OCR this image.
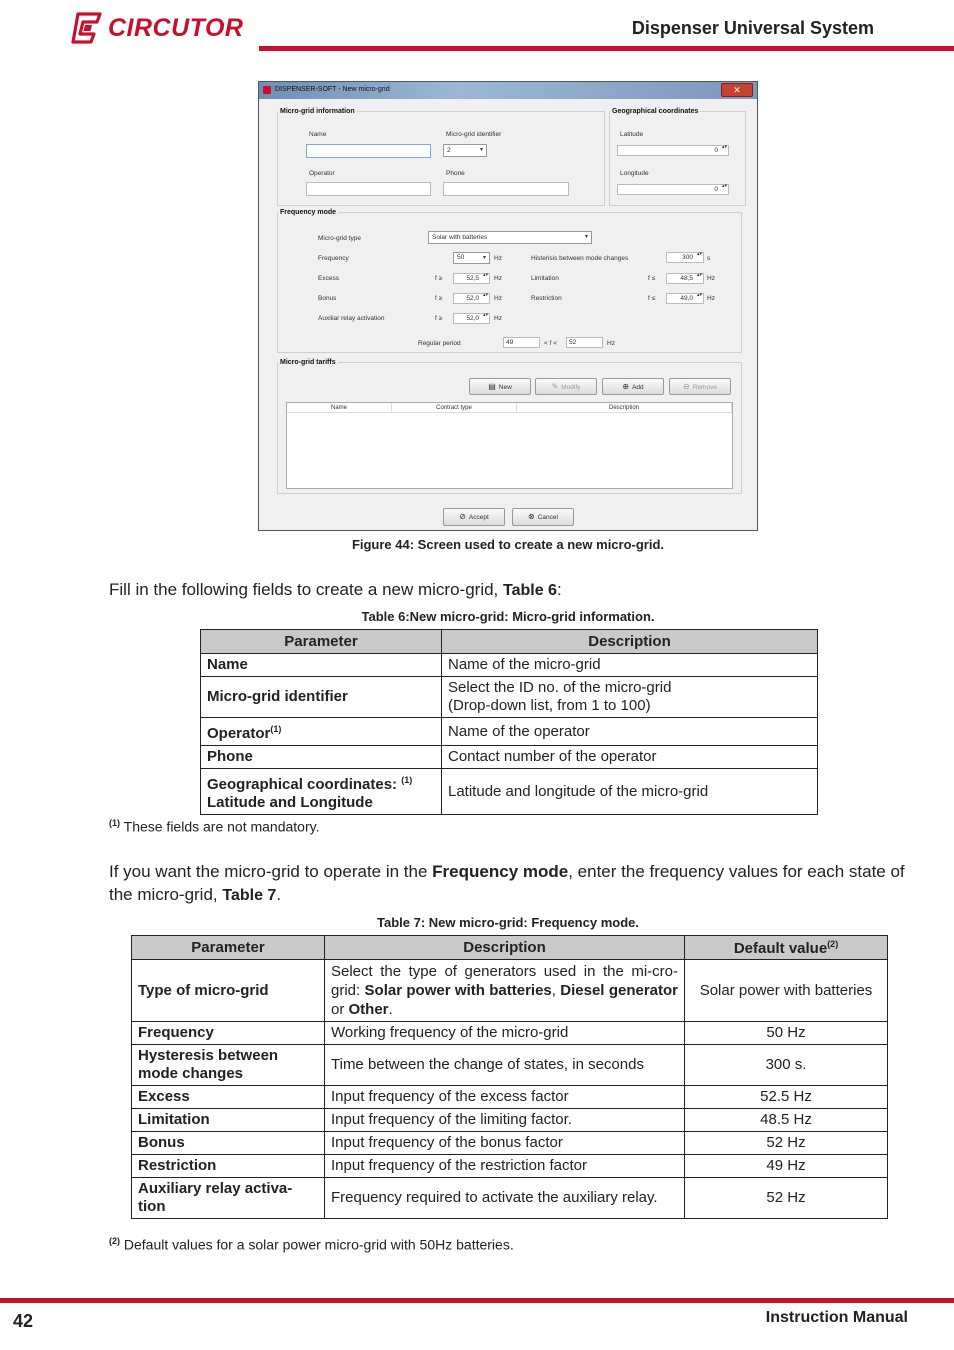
CIRCUTOR	Dispenser Universal System
DISPENSER-SOFT - New micro-grid	✕
Micro-grid information
Name	Micro-grid identifier
2	▾
Operator	Phone
Geographical coordinates
Latitude
0 ▴▾
Longitude
0 ▴▾
Frequency mode
Micro-grid type	Solar with batteries	▾
Frequency	50	▾ Hz
Excess	f ≥	52,5 ▴▾	Hz
Bonus	f ≥	52,0 ▴▾	Hz
Auxiliar relay activation	f ≥	52,0 ▴▾	Hz
Histerisis between mode changes	300 ▴▾	s
Limitation	f ≤	48,5 ▴▾	Hz
Restriction	f ≤	49,0 ▴▾	Hz
Regular period	49	< f <	52	Hz
Micro-grid tariffs
▤ New	✎ Modify	⊕ Add	⊖ Remove
Name	Contract type	Description
⊘ Accept	⊗ Cancel
Figure 44: Screen used to create a new micro-grid.
Fill in the following fields to create a new micro-grid, Table 6:
Table 6:New micro-grid: Micro-grid information.
Parameter	Description
Name	Name of the micro-grid
Micro-grid identifier	Select the ID no. of the micro-grid
(Drop-down list, from 1 to 100)
Operator$^{(1)}$	Name of the operator
Phone	Contact number of the operator
Geographical coordinates: $^{(1)}$
Latitude and Longitude	Latitude and longitude of the micro-grid
$^{(1)}$ These fields are not mandatory.
If you want the micro-grid to operate in the Frequency mode, enter the frequency values for each state of the micro-grid, Table 7.
Table 7: New micro-grid: Frequency mode.
Parameter	Description	Default value$^{(2)}$
Type of micro-grid	Select the type of generators used in the mi-cro-grid: Solar power with batteries, Diesel generator or Other.	Solar power with batteries
Frequency	Working frequency of the micro-grid	50 Hz
Hysteresis between mode changes	Time between the change of states, in seconds	300 s.
Excess	Input frequency of the excess factor	52.5 Hz
Limitation	Input frequency of the limiting factor.	48.5 Hz
Bonus	Input frequency of the bonus factor	52 Hz
Restriction	Input frequency of the restriction factor	49 Hz
Auxiliary relay activa-tion	Frequency required to activate the auxiliary relay.	52 Hz
$^{(2)}$ Default values for a solar power micro-grid with 50Hz batteries.
42	Instruction Manual
